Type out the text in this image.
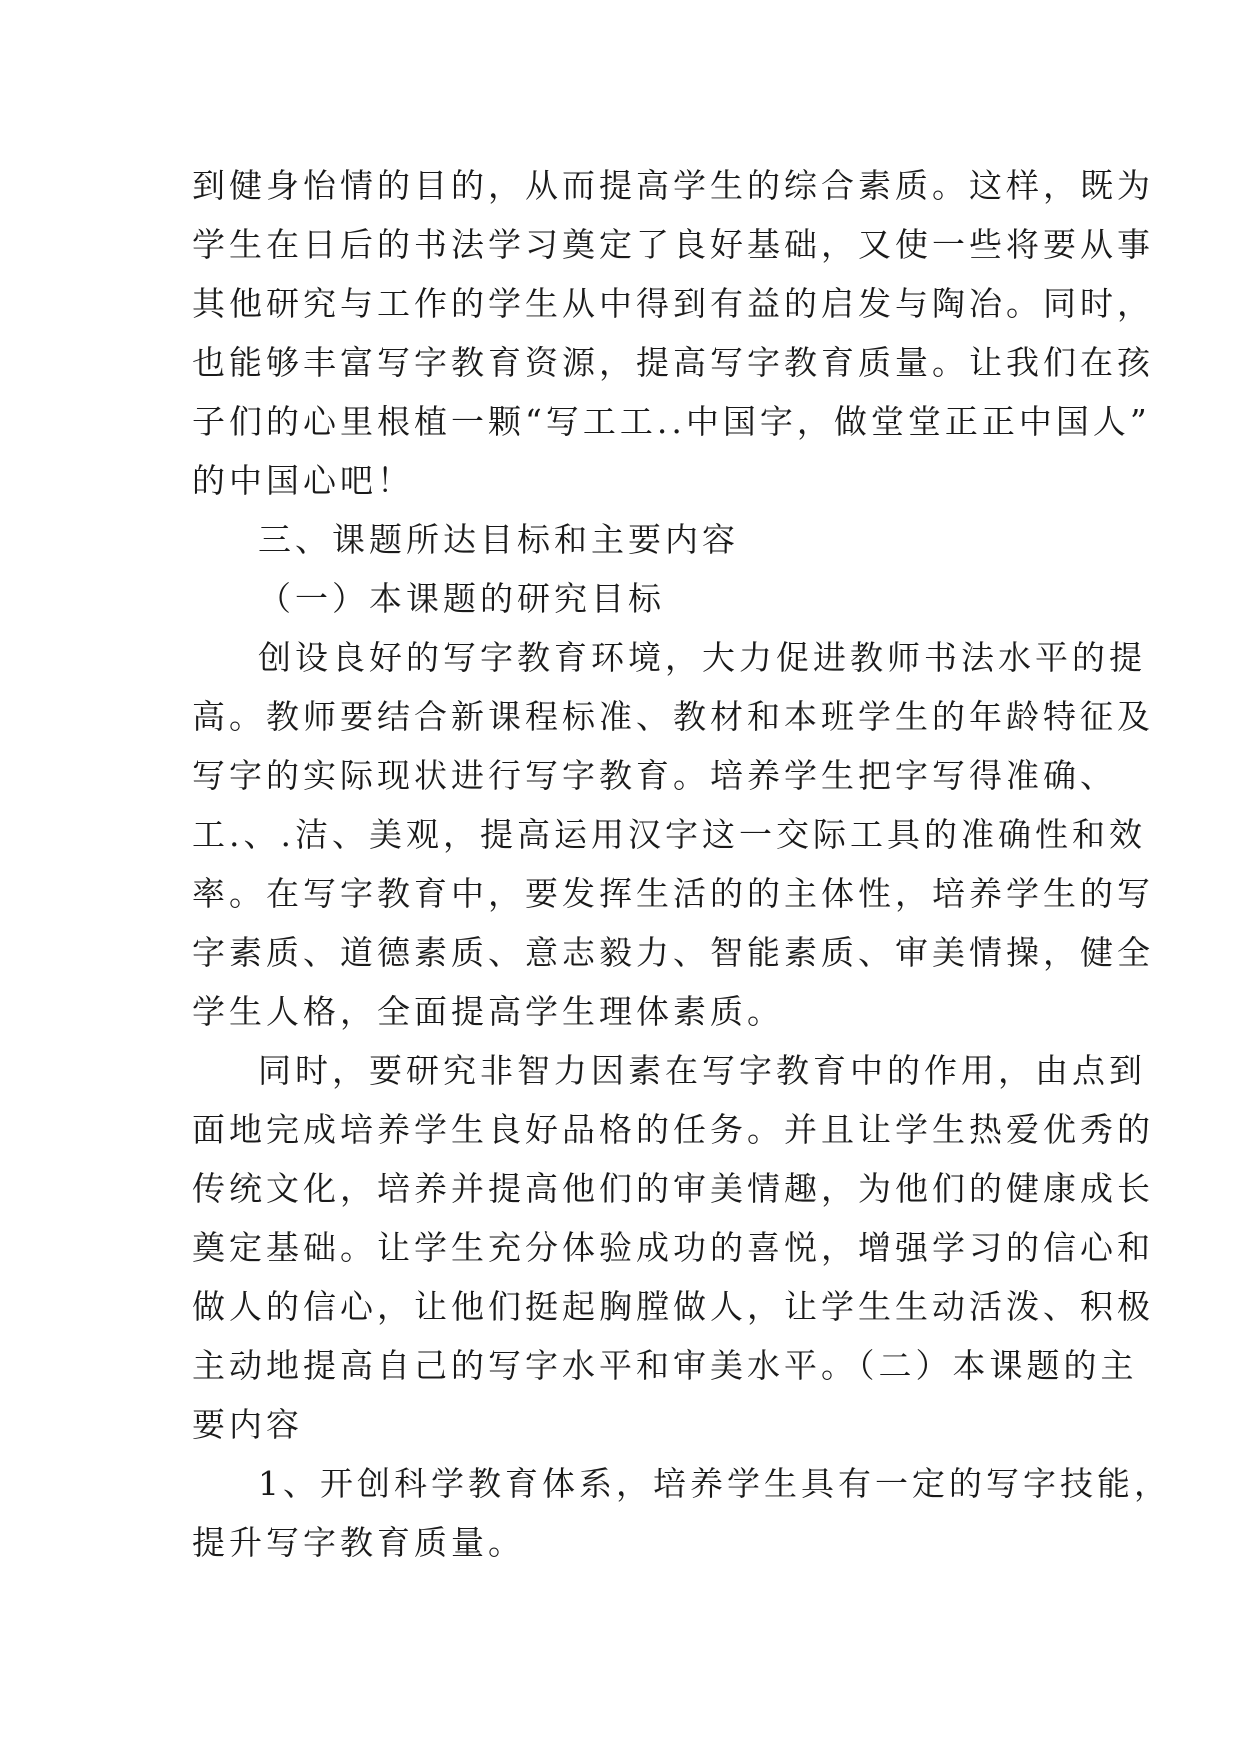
到健身怡情的目的，从而提高学生的综合素质。这样，既为
学生在日后的书法学习奠定了良好基础，又使一些将要从事
其他研究与工作的学生从中得到有益的启发与陶冶。同时，
也能够丰富写字教育资源，提高写字教育质量。让我们在孩
子们的心里根植一颗“写工工..中国字，做堂堂正正中国人”
的中国心吧！
三、课题所达目标和主要内容
（一）本课题的研究目标
创设良好的写字教育环境，大力促进教师书法水平的提
高。教师要结合新课程标准、教材和本班学生的年龄特征及
写字的实际现状进行写字教育。培养学生把字写得准确、
工.、.洁、美观，提高运用汉字这一交际工具的准确性和效
率。在写字教育中，要发挥生活的的主体性，培养学生的写
字素质、道德素质、意志毅力、智能素质、审美情操，健全
学生人格，全面提高学生理体素质。
同时，要研究非智力因素在写字教育中的作用，由点到
面地完成培养学生良好品格的任务。并且让学生热爱优秀的
传统文化，培养并提高他们的审美情趣，为他们的健康成长
奠定基础。让学生充分体验成功的喜悦，增强学习的信心和
做人的信心，让他们挺起胸膛做人，让学生生动活泼、积极
主动地提高自己的写字水平和审美水平。（二）本课题的主
要内容
1、开创科学教育体系，培养学生具有一定的写字技能，
提升写字教育质量。
